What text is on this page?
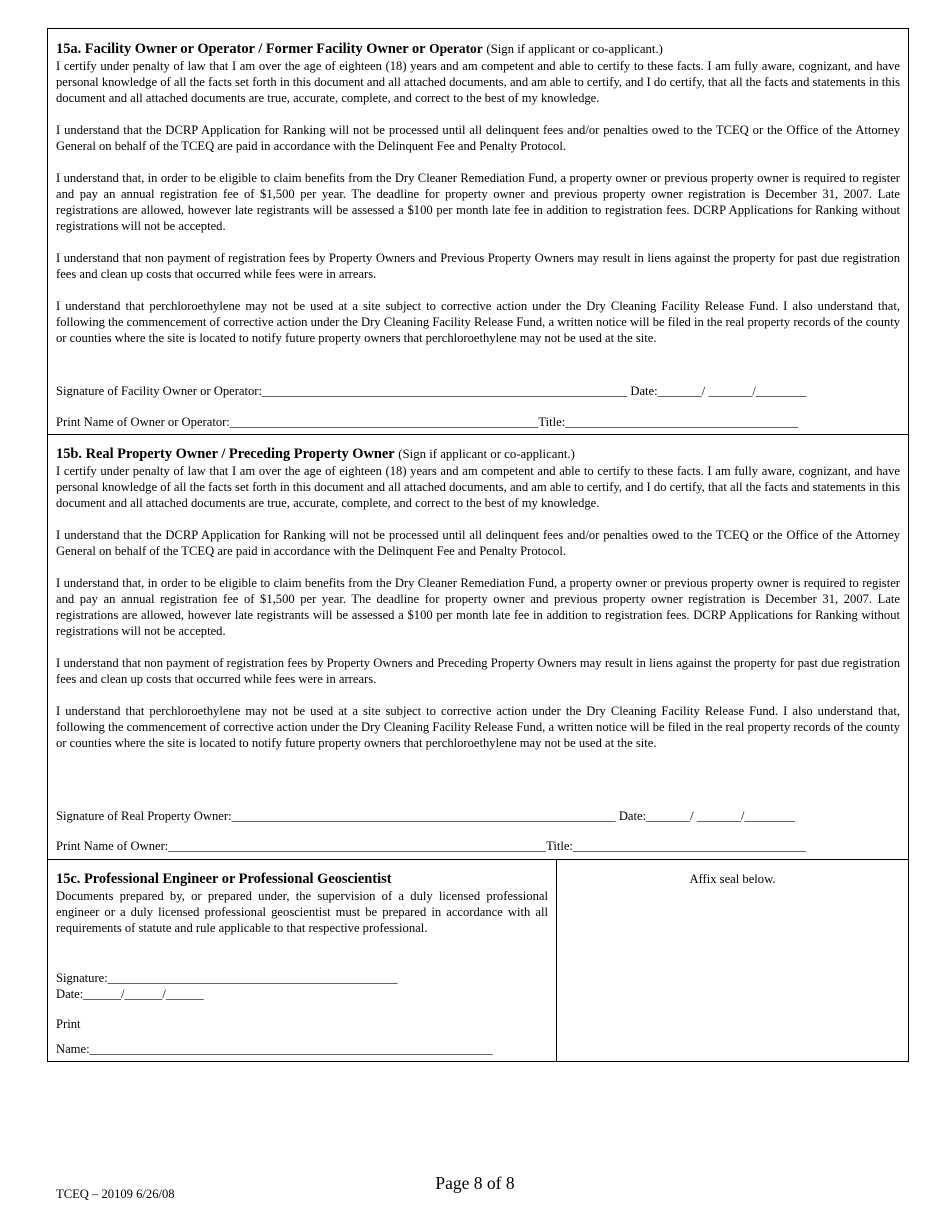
15a. Facility Owner or Operator / Former Facility Owner or Operator (Sign if applicant or co-applicant.)

I certify under penalty of law that I am over the age of eighteen (18) years and am competent and able to certify to these facts. I am fully aware, cognizant, and have personal knowledge of all the facts set forth in this document and all attached documents, and am able to certify, and I do certify, that all the facts and statements in this document and all attached documents are true, accurate, complete, and correct to the best of my knowledge.

I understand that the DCRP Application for Ranking will not be processed until all delinquent fees and/or penalties owed to the TCEQ or the Office of the Attorney General on behalf of the TCEQ are paid in accordance with the Delinquent Fee and Penalty Protocol.

I understand that, in order to be eligible to claim benefits from the Dry Cleaner Remediation Fund, a property owner or previous property owner is required to register and pay an annual registration fee of $1,500 per year. The deadline for property owner and previous property owner registration is December 31, 2007. Late registrations are allowed, however late registrants will be assessed a $100 per month late fee in addition to registration fees. DCRP Applications for Ranking without registrations will not be accepted.

I understand that non payment of registration fees by Property Owners and Previous Property Owners may result in liens against the property for past due registration fees and clean up costs that occurred while fees were in arrears.

I understand that perchloroethylene may not be used at a site subject to corrective action under the Dry Cleaning Facility Release Fund. I also understand that, following the commencement of corrective action under the Dry Cleaning Facility Release Fund, a written notice will be filed in the real property records of the county or counties where the site is located to notify future property owners that perchloroethylene may not be used at the site.

Signature of Facility Owner or Operator:__________________________________________________________ Date:_______/ _______/________
Print Name of Owner or Operator:_________________________________________________Title:_____________________________________
15b. Real Property Owner / Preceding Property Owner (Sign if applicant or co-applicant.)

I certify under penalty of law that I am over the age of eighteen (18) years and am competent and able to certify to these facts. I am fully aware, cognizant, and have personal knowledge of all the facts set forth in this document and all attached documents, and am able to certify, and I do certify, that all the facts and statements in this document and all attached documents are true, accurate, complete, and correct to the best of my knowledge.

I understand that the DCRP Application for Ranking will not be processed until all delinquent fees and/or penalties owed to the TCEQ or the Office of the Attorney General on behalf of the TCEQ are paid in accordance with the Delinquent Fee and Penalty Protocol.

I understand that, in order to be eligible to claim benefits from the Dry Cleaner Remediation Fund, a property owner or previous property owner is required to register and pay an annual registration fee of $1,500 per year. The deadline for property owner and previous property owner registration is December 31, 2007. Late registrations are allowed, however late registrants will be assessed a $100 per month late fee in addition to registration fees. DCRP Applications for Ranking without registrations will not be accepted.

I understand that non payment of registration fees by Property Owners and Preceding Property Owners may result in liens against the property for past due registration fees and clean up costs that occurred while fees were in arrears.

I understand that perchloroethylene may not be used at a site subject to corrective action under the Dry Cleaning Facility Release Fund. I also understand that, following the commencement of corrective action under the Dry Cleaning Facility Release Fund, a written notice will be filed in the real property records of the county or counties where the site is located to notify future property owners that perchloroethylene may not be used at the site.

Signature of Real Property Owner:_____________________________________________________________ Date:_______/ _______/________
Print Name of Owner:____________________________________________________________Title:_____________________________________
15c. Professional Engineer or Professional Geoscientist

Documents prepared by, or prepared under, the supervision of a duly licensed professional engineer or a duly licensed professional geoscientist must be prepared in accordance with all requirements of statute and rule applicable to that respective professional.

Signature:______________________________________________
Date:______/______/______
Print
Name:________________________________________________________________
Affix seal below.
Page 8 of 8
TCEQ – 20109 6/26/08
